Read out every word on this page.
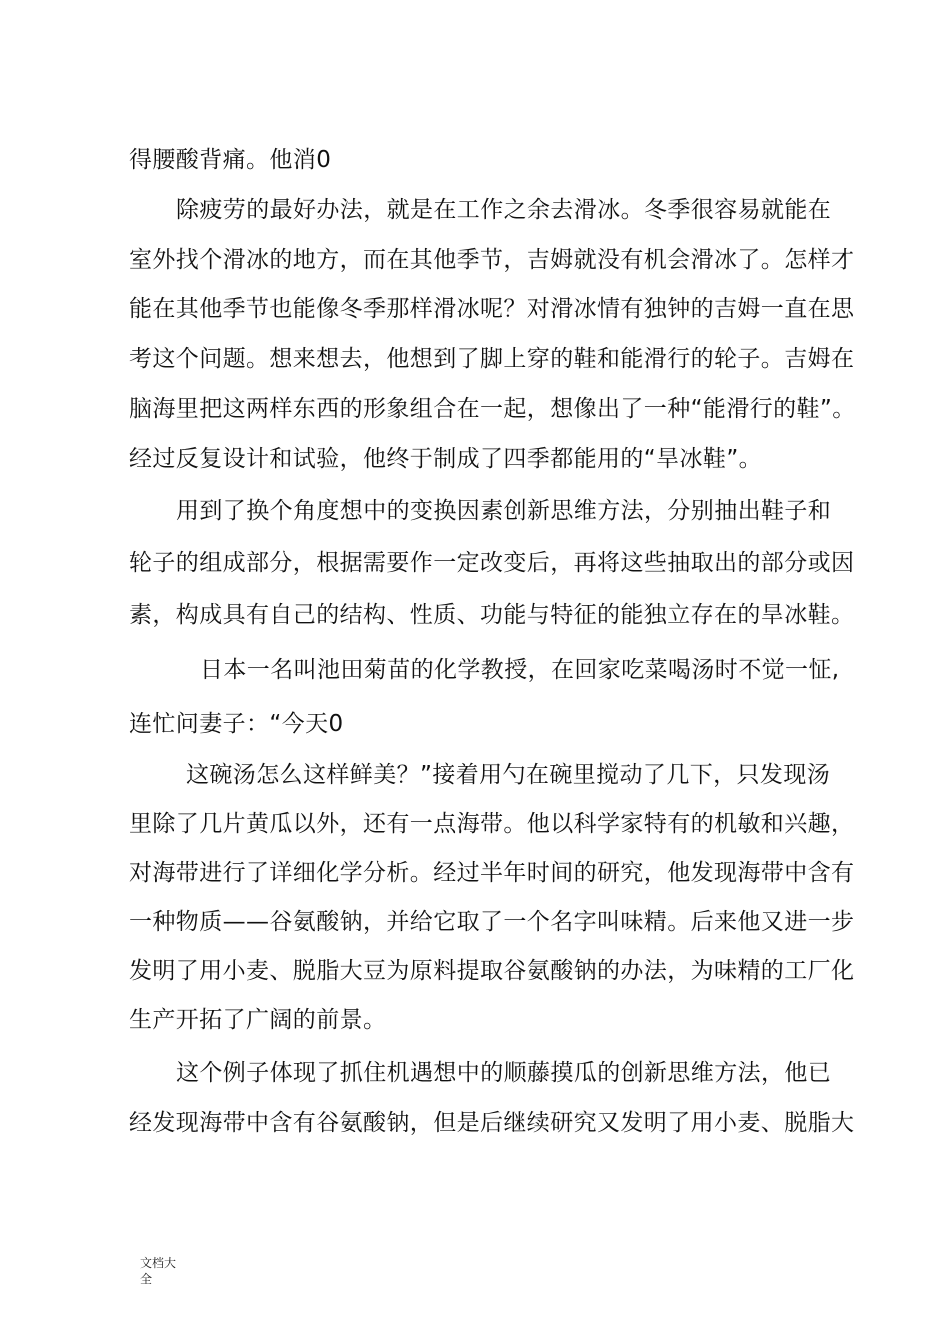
得腰酸背痛。他消0
除疲劳的最好办法，就是在工作之余去滑冰。冬季很容易就能在
室外找个滑冰的地方，而在其他季节，吉姆就没有机会滑冰了。怎样才
能在其他季节也能像冬季那样滑冰呢？对滑冰情有独钟的吉姆一直在思
考这个问题。想来想去，他想到了脚上穿的鞋和能滑行的轮子。吉姆在
脑海里把这两样东西的形象组合在一起，想像出了一种“能滑行的鞋”。
经过反复设计和试验，他终于制成了四季都能用的“旱冰鞋”。
用到了换个角度想中的变换因素创新思维方法，分别抽出鞋子和
轮子的组成部分，根据需要作一定改变后，再将这些抽取出的部分或因
素，构成具有自己的结构、性质、功能与特征的能独立存在的旱冰鞋。
日本一名叫池田菊苗的化学教授，在回家吃菜喝汤时不觉一怔,
连忙问妻子：“今天0
这碗汤怎么这样鲜美？”接着用勺在碗里搅动了几下，只发现汤
里除了几片黄瓜以外，还有一点海带。他以科学家特有的机敏和兴趣，
对海带进行了详细化学分析。经过半年时间的研究，他发现海带中含有
一种物质——谷氨酸钠，并给它取了一个名字叫味精。后来他又进一步
发明了用小麦、脱脂大豆为原料提取谷氨酸钠的办法，为味精的工厂化
生产开拓了广阔的前景。
这个例子体现了抓住机遇想中的顺藤摸瓜的创新思维方法，他已
经发现海带中含有谷氨酸钠，但是后继续研究又发明了用小麦、脱脂大
文档大全
